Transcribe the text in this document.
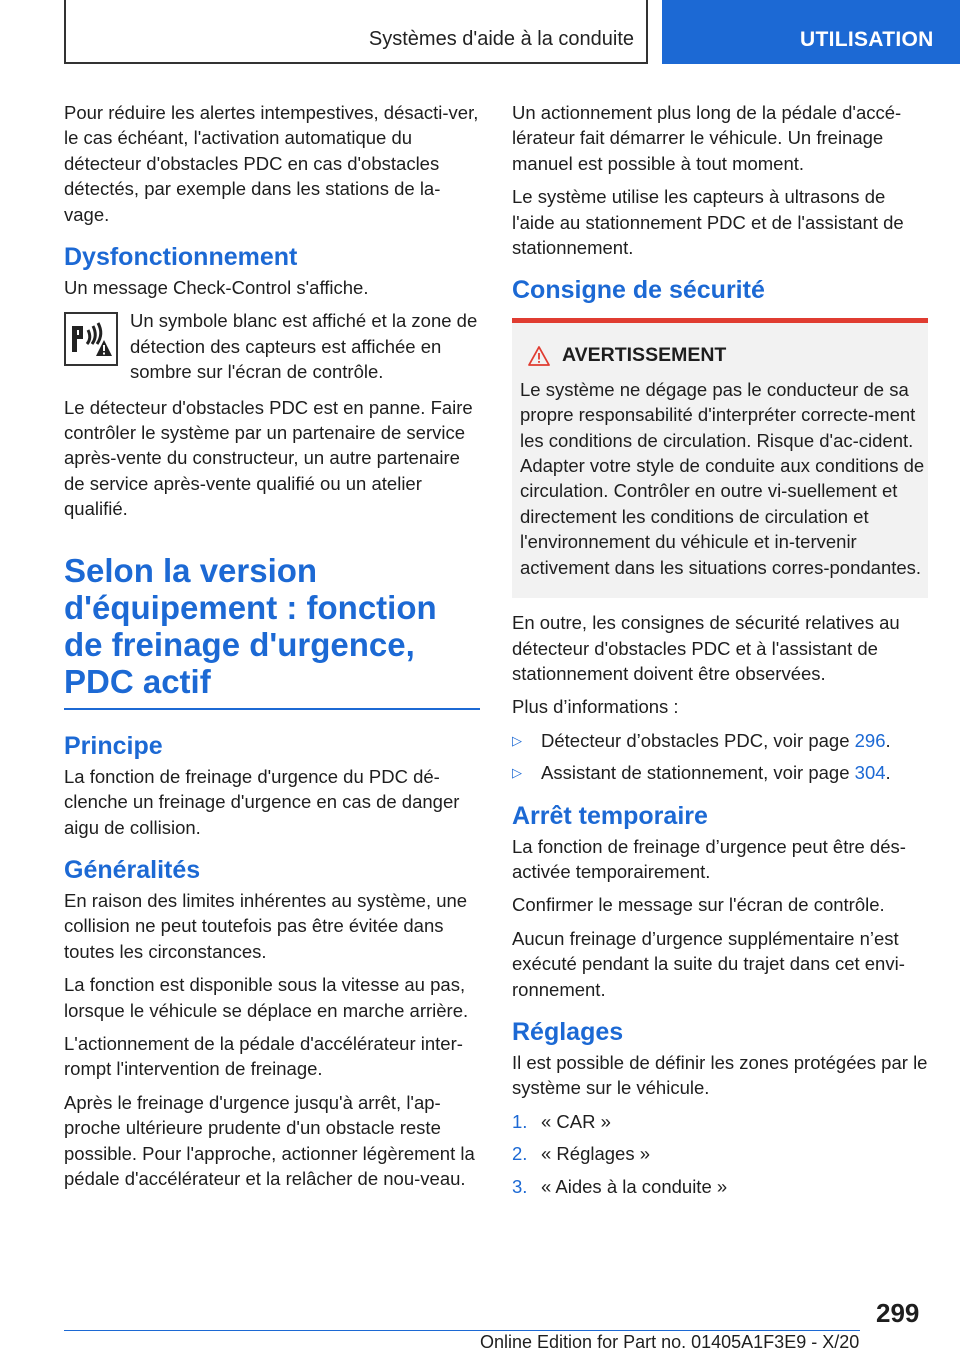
Systèmes d'aide à la conduite	UTILISATION

Pour réduire les alertes intempestives, désacti-ver, le cas échéant, l'activation automatique du détecteur d'obstacles PDC en cas d'obstacles détectés, par exemple dans les stations de la-vage.

Dysfonctionnement

Un message Check-Control s'affiche.

Un symbole blanc est affiché et la zone de détection des capteurs est affichée en sombre sur l'écran de contrôle.

Le détecteur d'obstacles PDC est en panne. Faire contrôler le système par un partenaire de service après-vente du constructeur, un autre partenaire de service après-vente qualifié ou un atelier qualifié.

Selon la version d'équipement : fonction de freinage d'urgence, PDC actif
Principe

La fonction de freinage d'urgence du PDC dé-clenche un freinage d'urgence en cas de danger aigu de collision.

Généralités

En raison des limites inhérentes au système, une collision ne peut toutefois pas être évitée dans toutes les circonstances.

La fonction est disponible sous la vitesse au pas, lorsque le véhicule se déplace en marche arrière.

L'actionnement de la pédale d'accélérateur inter-rompt l'intervention de freinage.

Après le freinage d'urgence jusqu'à arrêt, l'ap-proche ultérieure prudente d'un obstacle reste possible. Pour l'approche, actionner légèrement la pédale d'accélérateur et la relâcher de nou-veau.

Un actionnement plus long de la pédale d'accé-lérateur fait démarrer le véhicule. Un freinage manuel est possible à tout moment.

Le système utilise les capteurs à ultrasons de l'aide au stationnement PDC et de l'assistant de stationnement.

Consigne de sécurité
AVERTISSEMENT

Le système ne dégage pas le conducteur de sa propre responsabilité d'interpréter correcte-ment les conditions de circulation. Risque d'ac-cident. Adapter votre style de conduite aux conditions de circulation. Contrôler en outre vi-suellement et directement les conditions de circulation et l'environnement du véhicule et in-tervenir activement dans les situations corres-pondantes.

En outre, les consignes de sécurité relatives au détecteur d'obstacles PDC et à l'assistant de stationnement doivent être observées.

Plus d’informations :

▷	Détecteur d’obstacles PDC, voir page 296.
▷	Assistant de stationnement, voir page 304.
Arrêt temporaire

La fonction de freinage d’urgence peut être dés-activée temporairement.

Confirmer le message sur l'écran de contrôle.

Aucun freinage d’urgence supplémentaire n’est exécuté pendant la suite du trajet dans cet envi-ronnement.

Réglages

Il est possible de définir les zones protégées par le système sur le véhicule.

1. « CAR »
2. « Réglages »
3. « Aides à la conduite »
299
Online Edition for Part no. 01405A1F3E9 - X/20
